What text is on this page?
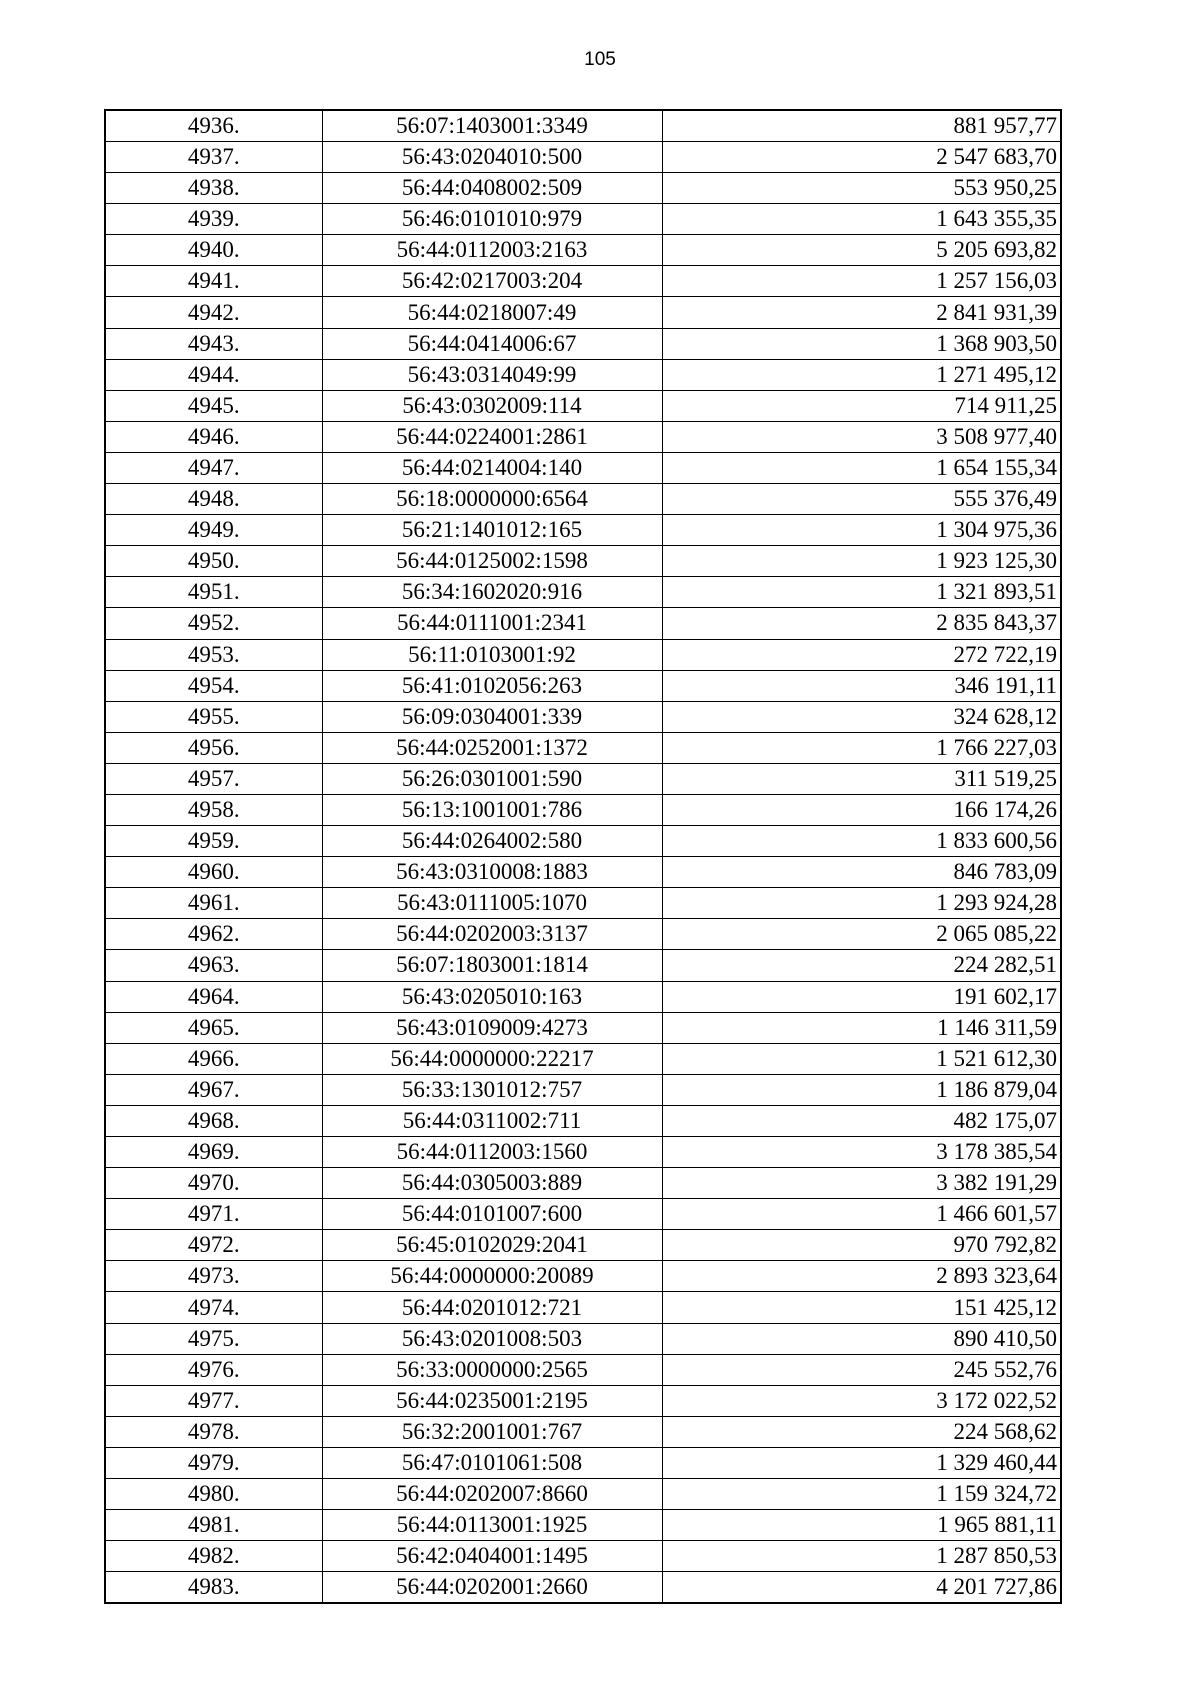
105
4936.	56:07:1403001:3349	881 957,77
4937.	56:43:0204010:500	2 547 683,70
4938.	56:44:0408002:509	553 950,25
4939.	56:46:0101010:979	1 643 355,35
4940.	56:44:0112003:2163	5 205 693,82
4941.	56:42:0217003:204	1 257 156,03
4942.	56:44:0218007:49	2 841 931,39
4943.	56:44:0414006:67	1 368 903,50
4944.	56:43:0314049:99	1 271 495,12
4945.	56:43:0302009:114	714 911,25
4946.	56:44:0224001:2861	3 508 977,40
4947.	56:44:0214004:140	1 654 155,34
4948.	56:18:0000000:6564	555 376,49
4949.	56:21:1401012:165	1 304 975,36
4950.	56:44:0125002:1598	1 923 125,30
4951.	56:34:1602020:916	1 321 893,51
4952.	56:44:0111001:2341	2 835 843,37
4953.	56:11:0103001:92	272 722,19
4954.	56:41:0102056:263	346 191,11
4955.	56:09:0304001:339	324 628,12
4956.	56:44:0252001:1372	1 766 227,03
4957.	56:26:0301001:590	311 519,25
4958.	56:13:1001001:786	166 174,26
4959.	56:44:0264002:580	1 833 600,56
4960.	56:43:0310008:1883	846 783,09
4961.	56:43:0111005:1070	1 293 924,28
4962.	56:44:0202003:3137	2 065 085,22
4963.	56:07:1803001:1814	224 282,51
4964.	56:43:0205010:163	191 602,17
4965.	56:43:0109009:4273	1 146 311,59
4966.	56:44:0000000:22217	1 521 612,30
4967.	56:33:1301012:757	1 186 879,04
4968.	56:44:0311002:711	482 175,07
4969.	56:44:0112003:1560	3 178 385,54
4970.	56:44:0305003:889	3 382 191,29
4971.	56:44:0101007:600	1 466 601,57
4972.	56:45:0102029:2041	970 792,82
4973.	56:44:0000000:20089	2 893 323,64
4974.	56:44:0201012:721	151 425,12
4975.	56:43:0201008:503	890 410,50
4976.	56:33:0000000:2565	245 552,76
4977.	56:44:0235001:2195	3 172 022,52
4978.	56:32:2001001:767	224 568,62
4979.	56:47:0101061:508	1 329 460,44
4980.	56:44:0202007:8660	1 159 324,72
4981.	56:44:0113001:1925	1 965 881,11
4982.	56:42:0404001:1495	1 287 850,53
4983.	56:44:0202001:2660	4 201 727,86
